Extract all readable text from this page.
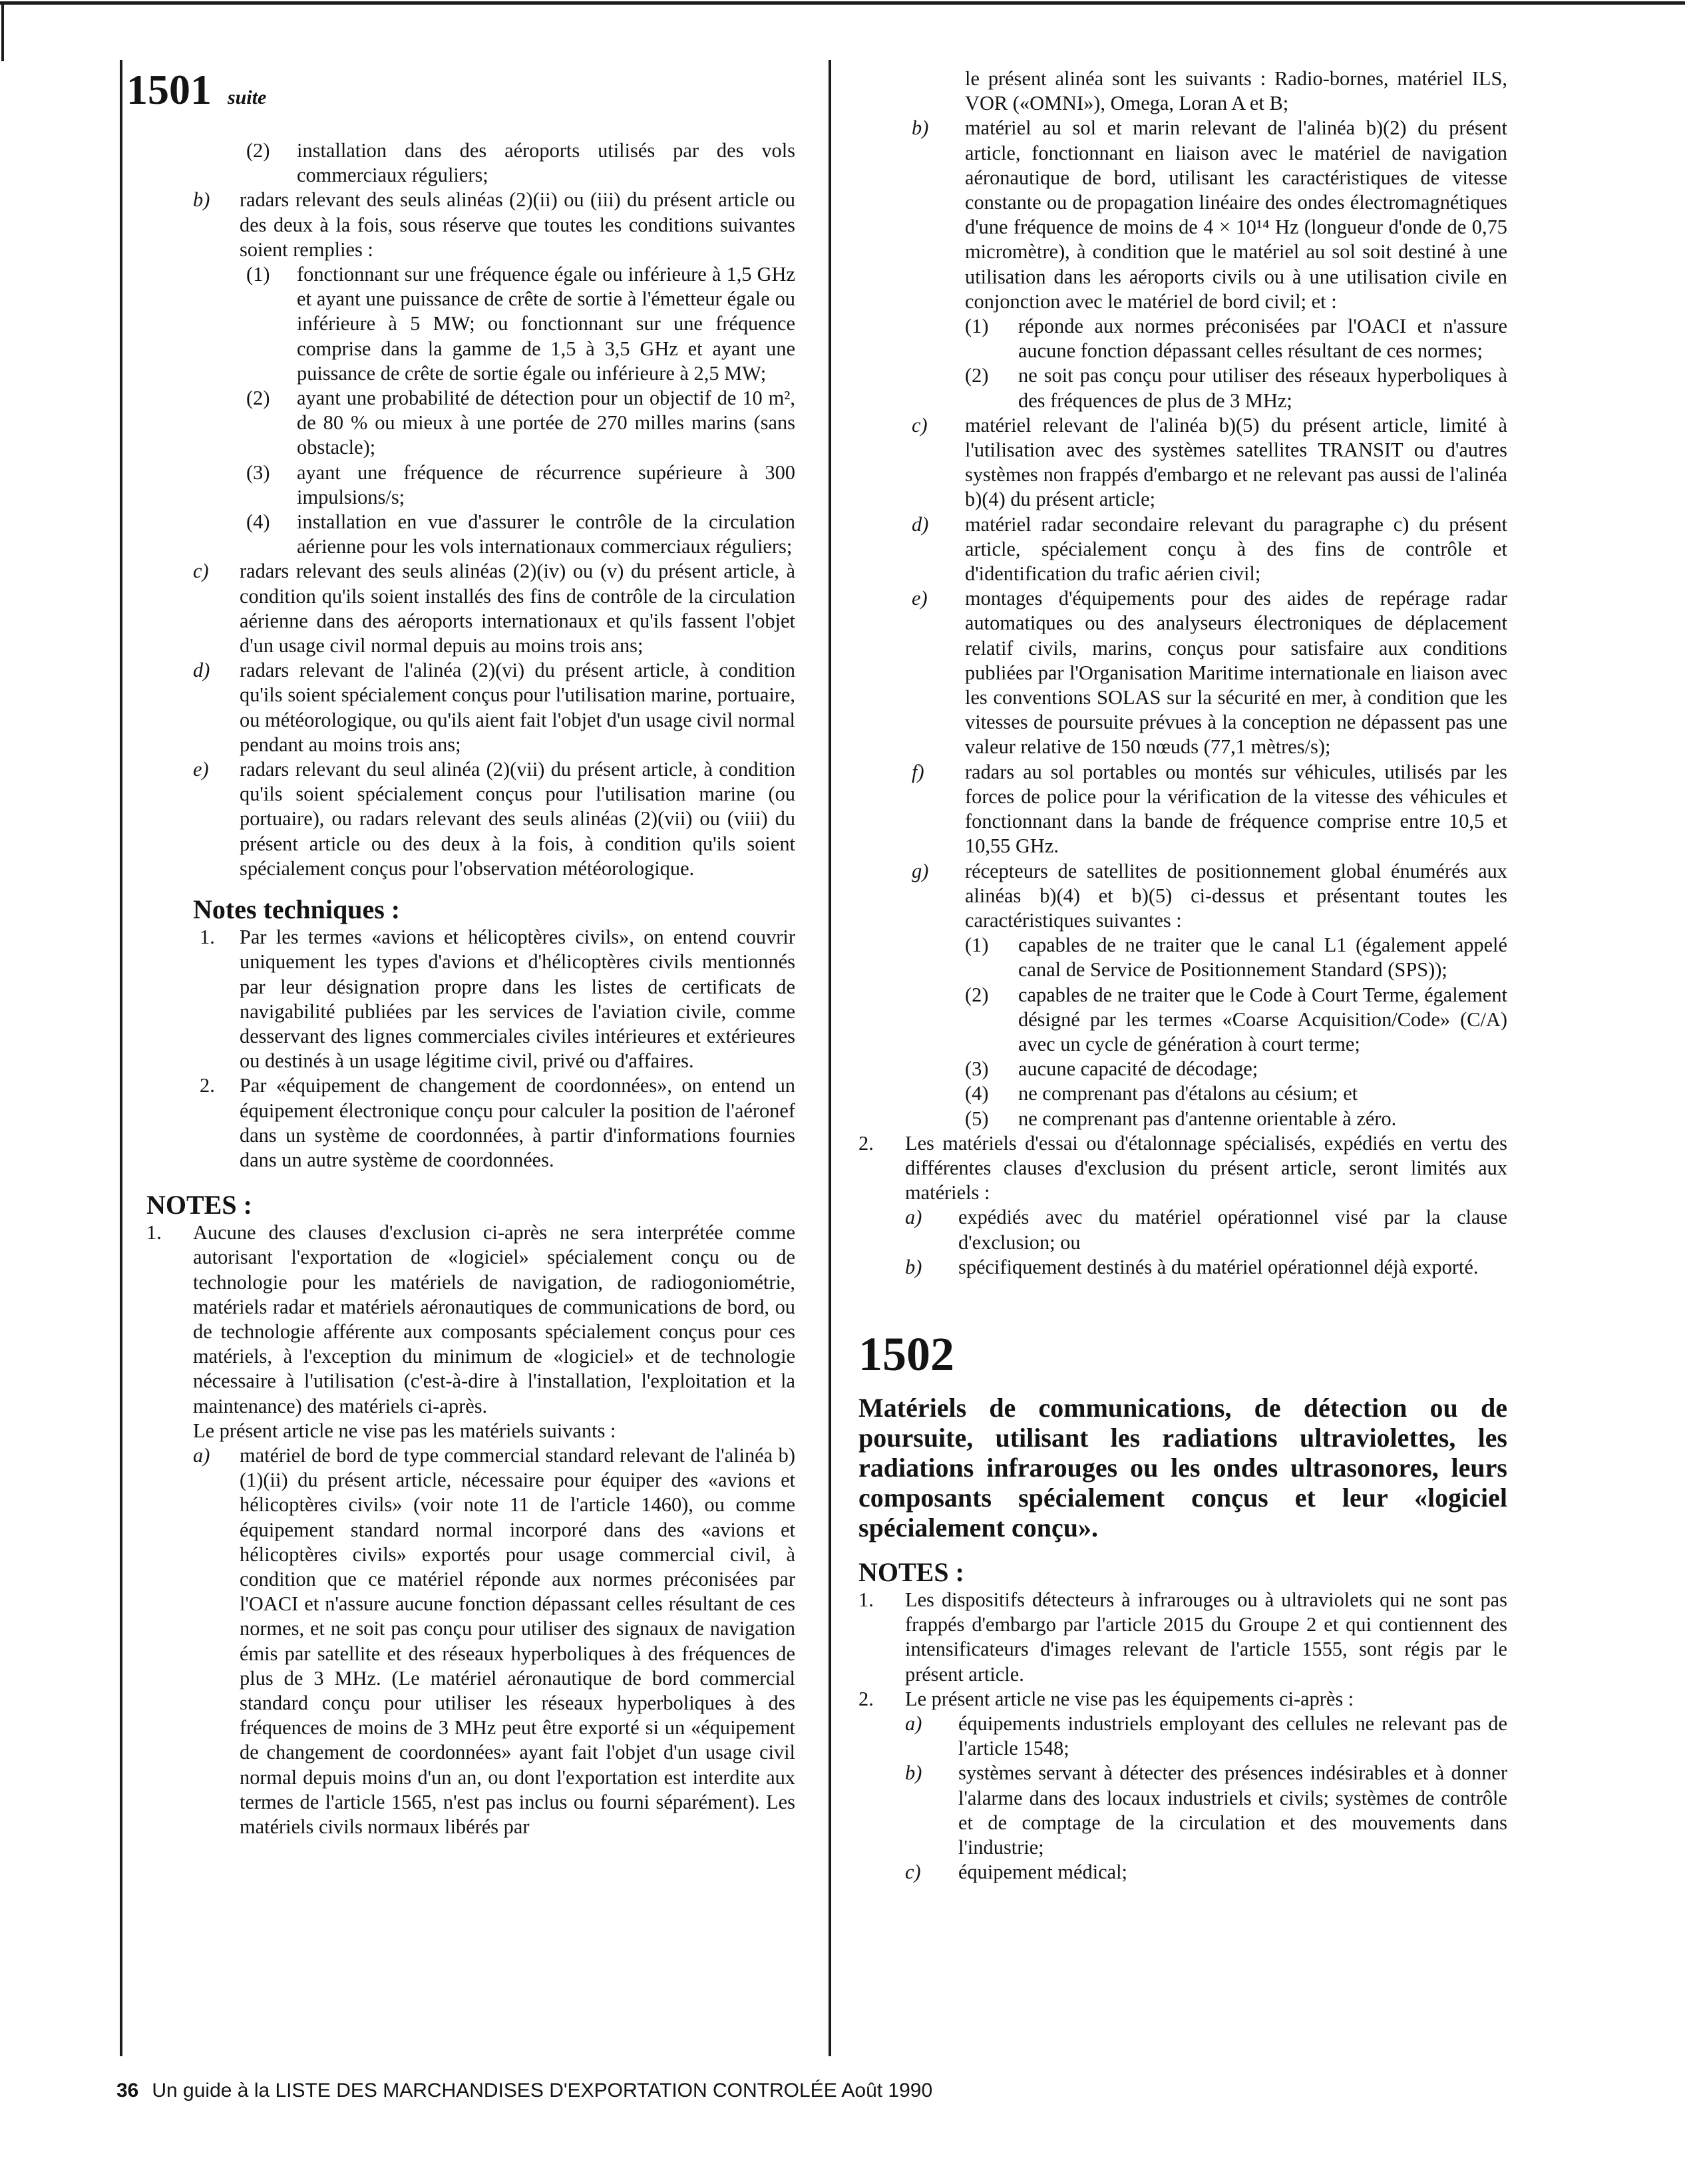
1501 suite
(2) installation dans des aéroports utilisés par des vols commerciaux réguliers;
b) radars relevant des seuls alinéas (2)(ii) ou (iii) du présent article ou des deux à la fois, sous réserve que toutes les conditions suivantes soient remplies :
(1) fonctionnant sur une fréquence égale ou inférieure à 1,5 GHz et ayant une puissance de crête de sortie à l'émetteur égale ou inférieure à 5 MW; ou fonctionnant sur une fréquence comprise dans la gamme de 1,5 à 3,5 GHz et ayant une puissance de crête de sortie égale ou inférieure à 2,5 MW;
(2) ayant une probabilité de détection pour un objectif de 10 m², de 80 % ou mieux à une portée de 270 milles marins (sans obstacle);
(3) ayant une fréquence de récurrence supérieure à 300 impulsions/s;
(4) installation en vue d'assurer le contrôle de la circulation aérienne pour les vols internationaux commerciaux réguliers;
c) radars relevant des seuls alinéas (2)(iv) ou (v) du présent article, à condition qu'ils soient installés des fins de contrôle de la circulation aérienne dans des aéroports internationaux et qu'ils fassent l'objet d'un usage civil normal depuis au moins trois ans;
d) radars relevant de l'alinéa (2)(vi) du présent article, à condition qu'ils soient spécialement conçus pour l'utilisation marine, portuaire, ou météorologique, ou qu'ils aient fait l'objet d'un usage civil normal pendant au moins trois ans;
e) radars relevant du seul alinéa (2)(vii) du présent article, à condition qu'ils soient spécialement conçus pour l'utilisation marine (ou portuaire), ou radars relevant des seuls alinéas (2)(vii) ou (viii) du présent article ou des deux à la fois, à condition qu'ils soient spécialement conçus pour l'observation météorologique.
Notes techniques :
1. Par les termes «avions et hélicoptères civils», on entend couvrir uniquement les types d'avions et d'hélicoptères civils mentionnés par leur désignation propre dans les listes de certificats de navigabilité publiées par les services de l'aviation civile, comme desservant des lignes commerciales civiles intérieures et extérieures ou destinés à un usage légitime civil, privé ou d'affaires.
2. Par «équipement de changement de coordonnées», on entend un équipement électronique conçu pour calculer la position de l'aéronef dans un système de coordonnées, à partir d'informations fournies dans un autre système de coordonnées.
NOTES :
1. Aucune des clauses d'exclusion ci-après ne sera interprétée comme autorisant l'exportation de «logiciel» spécialement conçu ou de technologie pour les matériels de navigation, de radiogoniométrie, matériels radar et matériels aéronautiques de communications de bord, ou de technologie afférente aux composants spécialement conçus pour ces matériels, à l'exception du minimum de «logiciel» et de technologie nécessaire à l'utilisation (c'est-à-dire à l'installation, l'exploitation et la maintenance) des matériels ci-après.
Le présent article ne vise pas les matériels suivants :
a) matériel de bord de type commercial standard relevant de l'alinéa b)(1)(ii) du présent article, nécessaire pour équiper des «avions et hélicoptères civils» (voir note 11 de l'article 1460), ou comme équipement standard normal incorporé dans des «avions et hélicoptères civils» exportés pour usage commercial civil, à condition que ce matériel réponde aux normes préconisées par l'OACI et n'assure aucune fonction dépassant celles résultant de ces normes, et ne soit pas conçu pour utiliser des signaux de navigation émis par satellite et des réseaux hyperboliques à des fréquences de plus de 3 MHz. (Le matériel aéronautique de bord commercial standard conçu pour utiliser les réseaux hyperboliques à des fréquences de moins de 3 MHz peut être exporté si un «équipement de changement de coordonnées» ayant fait l'objet d'un usage civil normal depuis moins d'un an, ou dont l'exportation est interdite aux termes de l'article 1565, n'est pas inclus ou fourni séparément). Les matériels civils normaux libérés par
le présent alinéa sont les suivants : Radio-bornes, matériel ILS, VOR («OMNI»), Omega, Loran A et B;
b) matériel au sol et marin relevant de l'alinéa b)(2) du présent article, fonctionnant en liaison avec le matériel de navigation aéronautique de bord, utilisant les caractéristiques de vitesse constante ou de propagation linéaire des ondes électromagnétiques d'une fréquence de moins de 4 × 10¹⁴ Hz (longueur d'onde de 0,75 micromètre), à condition que le matériel au sol soit destiné à une utilisation dans les aéroports civils ou à une utilisation civile en conjonction avec le matériel de bord civil; et :
(1) réponde aux normes préconisées par l'OACI et n'assure aucune fonction dépassant celles résultant de ces normes;
(2) ne soit pas conçu pour utiliser des réseaux hyperboliques à des fréquences de plus de 3 MHz;
c) matériel relevant de l'alinéa b)(5) du présent article, limité à l'utilisation avec des systèmes satellites TRANSIT ou d'autres systèmes non frappés d'embargo et ne relevant pas aussi de l'alinéa b)(4) du présent article;
d) matériel radar secondaire relevant du paragraphe c) du présent article, spécialement conçu à des fins de contrôle et d'identification du trafic aérien civil;
e) montages d'équipements pour des aides de repérage radar automatiques ou des analyseurs électroniques de déplacement relatif civils, marins, conçus pour satisfaire aux conditions publiées par l'Organisation Maritime internationale en liaison avec les conventions SOLAS sur la sécurité en mer, à condition que les vitesses de poursuite prévues à la conception ne dépassent pas une valeur relative de 150 nœuds (77,1 mètres/s);
f) radars au sol portables ou montés sur véhicules, utilisés par les forces de police pour la vérification de la vitesse des véhicules et fonctionnant dans la bande de fréquence comprise entre 10,5 et 10,55 GHz.
g) récepteurs de satellites de positionnement global énumérés aux alinéas b)(4) et b)(5) ci-dessus et présentant toutes les caractéristiques suivantes :
(1) capables de ne traiter que le canal L1 (également appelé canal de Service de Positionnement Standard (SPS));
(2) capables de ne traiter que le Code à Court Terme, également désigné par les termes «Coarse Acquisition/Code» (C/A) avec un cycle de génération à court terme;
(3) aucune capacité de décodage;
(4) ne comprenant pas d'étalons au césium; et
(5) ne comprenant pas d'antenne orientable à zéro.
2. Les matériels d'essai ou d'étalonnage spécialisés, expédiés en vertu des différentes clauses d'exclusion du présent article, seront limités aux matériels :
a) expédiés avec du matériel opérationnel visé par la clause d'exclusion; ou
b) spécifiquement destinés à du matériel opérationnel déjà exporté.
1502
Matériels de communications, de détection ou de poursuite, utilisant les radiations ultraviolettes, les radiations infrarouges ou les ondes ultrasonores, leurs composants spécialement conçus et leur «logiciel spécialement conçu».
NOTES :
1. Les dispositifs détecteurs à infrarouges ou à ultraviolets qui ne sont pas frappés d'embargo par l'article 2015 du Groupe 2 et qui contiennent des intensificateurs d'images relevant de l'article 1555, sont régis par le présent article.
2. Le présent article ne vise pas les équipements ci-après :
a) équipements industriels employant des cellules ne relevant pas de l'article 1548;
b) systèmes servant à détecter des présences indésirables et à donner l'alarme dans des locaux industriels et civils; systèmes de contrôle et de comptage de la circulation et des mouvements dans l'industrie;
c) équipement médical;
36 Un guide à la LISTE DES MARCHANDISES D'EXPORTATION CONTROLÉE Août 1990
